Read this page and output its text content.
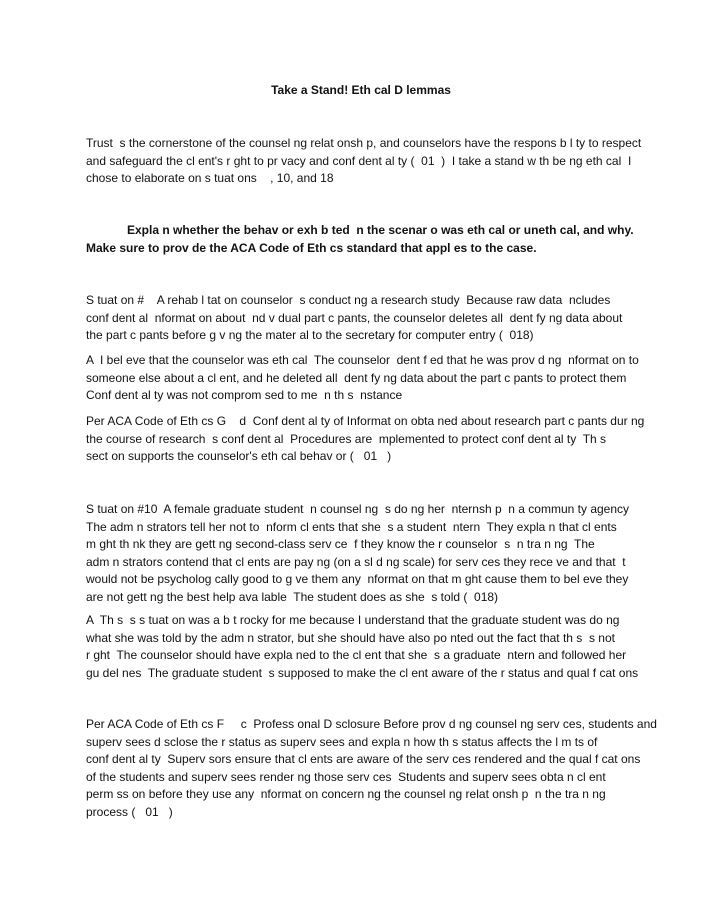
Take a Stand! Eth cal D lemmas
Trust  s the cornerstone of the counsel ng relat onsh p, and counselors have the respons b l ty to respect
and safeguard the cl ent's r ght to pr vacy and conf dent al ty (  01  )  I take a stand w th be ng eth cal  I
chose to elaborate on s tuat ons    , 10, and 18
Expla n whether the behav or exh b ted  n the scenar o was eth cal or uneth cal, and why.
Make sure to prov de the ACA Code of Eth cs standard that appl es to the case.
S tuat on #    A rehab l tat on counselor  s conduct ng a research study  Because raw data  ncludes
conf dent al  nformat on about  nd v dual part c pants, the counselor deletes all  dent fy ng data about
the part c pants before g v ng the mater al to the secretary for computer entry (  018)
A  I bel eve that the counselor was eth cal  The counselor  dent f ed that he was prov d ng  nformat on to
someone else about a cl ent, and he deleted all  dent fy ng data about the part c pants to protect them
Conf dent al ty was not comprom sed to me  n th s  nstance
Per ACA Code of Eth cs G    d  Conf dent al ty of Informat on obta ned about research part c pants dur ng
the course of research  s conf dent al  Procedures are  mplemented to protect conf dent al ty  Th s
sect on supports the counselor's eth cal behav or (   01   )
S tuat on #10  A female graduate student  n counsel ng  s do ng her  nternsh p  n a commun ty agency
The adm n strators tell her not to  nform cl ents that she  s a student  ntern  They expla n that cl ents
m ght th nk they are gett ng second-class serv ce  f they know the r counselor  s  n tra n ng  The
adm n strators contend that cl ents are pay ng (on a sl d ng scale) for serv ces they rece ve and that  t
would not be psycholog cally good to g ve them any  nformat on that m ght cause them to bel eve they
are not gett ng the best help ava lable  The student does as she  s told (  018)
A  Th s  s s tuat on was a b t rocky for me because I understand that the graduate student was do ng
what she was told by the adm n strator, but she should have also po nted out the fact that th s  s not
r ght  The counselor should have expla ned to the cl ent that she  s a graduate  ntern and followed her
gu del nes  The graduate student  s supposed to make the cl ent aware of the r status and qual f cat ons
Per ACA Code of Eth cs F     c  Profess onal D sclosure Before prov d ng counsel ng serv ces, students and
superv sees d sclose the r status as superv sees and expla n how th s status affects the l m ts of
conf dent al ty  Superv sors ensure that cl ents are aware of the serv ces rendered and the qual f cat ons
of the students and superv sees render ng those serv ces  Students and superv sees obta n cl ent
perm ss on before they use any  nformat on concern ng the counsel ng relat onsh p  n the tra n ng
process (   01   )
